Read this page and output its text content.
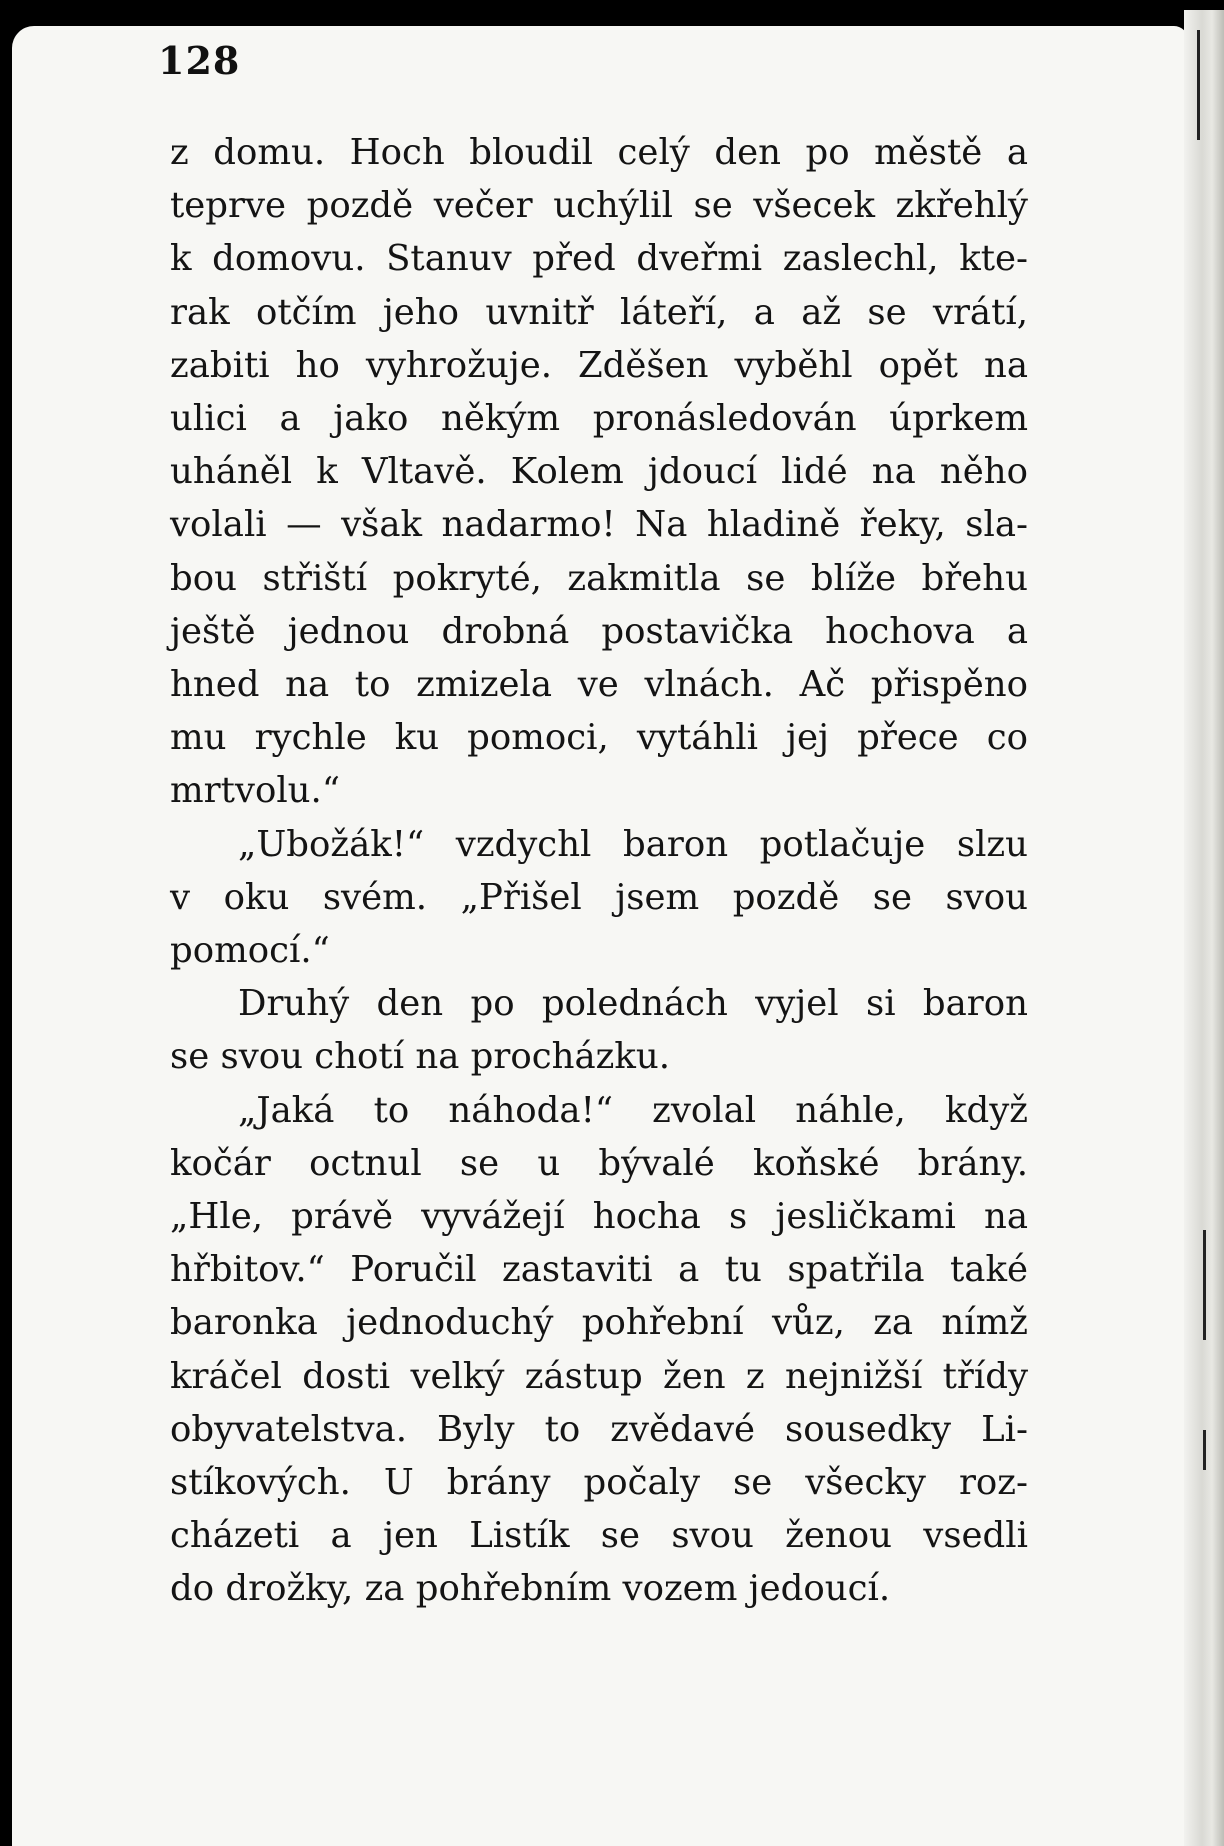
128
z domu. Hoch bloudil celý den po městě a
teprve pozdě večer uchýlil se všecek zkřehlý
k domovu. Stanuv před dveřmi zaslechl, kte-
rak otčím jeho uvnitř láteří, a až se vrátí,
zabiti ho vyhrožuje. Zděšen vyběhl opět na
ulici a jako někým pronásledován úprkem
uháněl k Vltavě. Kolem jdoucí lidé na něho
volali — však nadarmo! Na hladině řeky, sla-
bou střiští pokryté, zakmitla se blíže břehu
ještě jednou drobná postavička hochova a
hned na to zmizela ve vlnách. Ač přispěno
mu rychle ku pomoci, vytáhli jej přece co
mrtvolu.“
„Ubožák!“ vzdychl baron potlačuje slzu
v oku svém. „Přišel jsem pozdě se svou
pomocí.“
Druhý den po polednách vyjel si baron
se svou chotí na procházku.
„Jaká to náhoda!“ zvolal náhle, když
kočár octnul se u bývalé koňské brány.
„Hle, právě vyvážejí hocha s jesličkami na
hřbitov.“ Poručil zastaviti a tu spatřila také
baronka jednoduchý pohřební vůz, za nímž
kráčel dosti velký zástup žen z nejnižší třídy
obyvatelstva. Byly to zvědavé sousedky Li-
stíkových. U brány počaly se všecky roz-
cházeti a jen Listík se svou ženou vsedli
do drožky, za pohřebním vozem jedoucí.
